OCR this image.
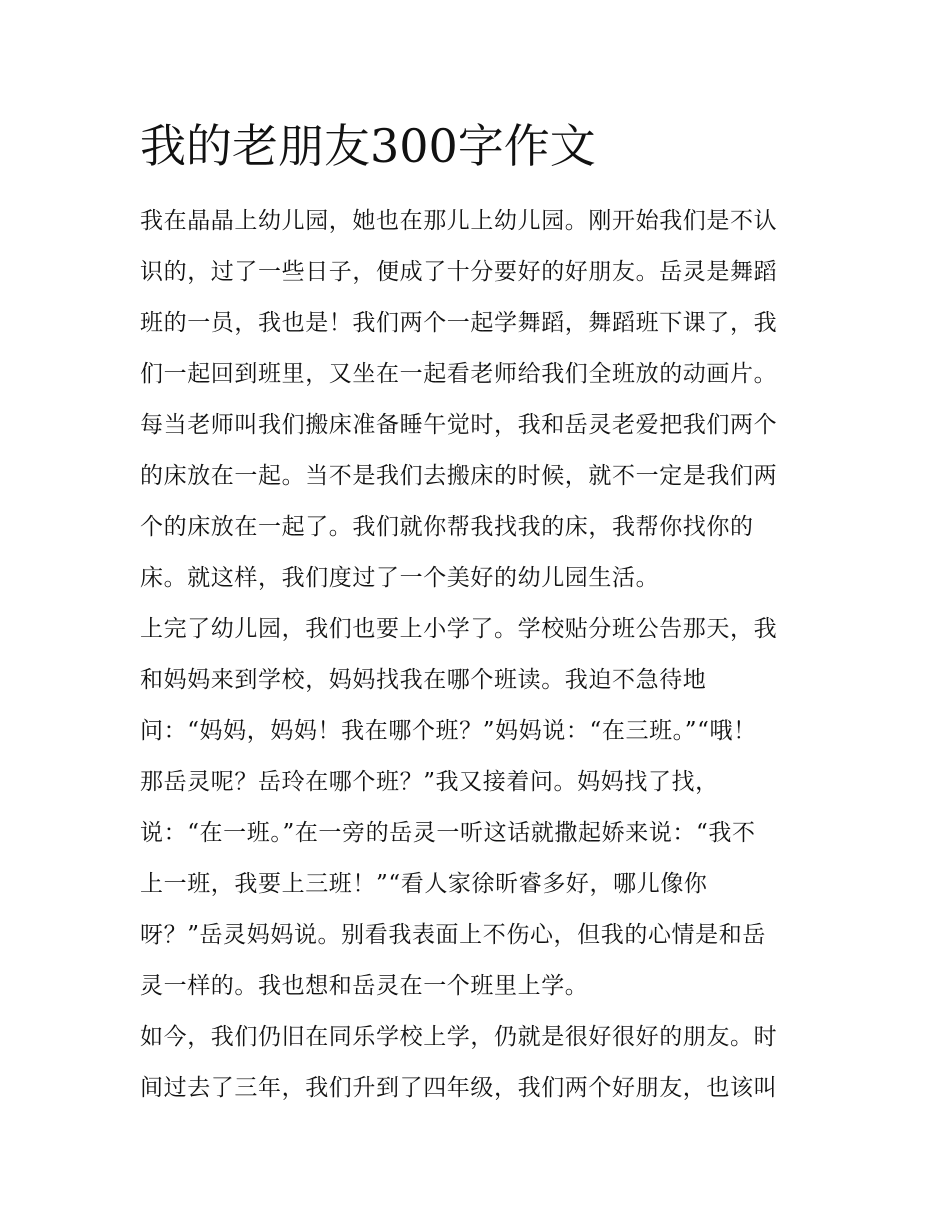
我的老朋友300字作文
我在晶晶上幼儿园，她也在那儿上幼儿园。刚开始我们是不认
识的，过了一些日子，便成了十分要好的好朋友。岳灵是舞蹈
班的一员，我也是！我们两个一起学舞蹈，舞蹈班下课了，我
们一起回到班里，又坐在一起看老师给我们全班放的动画片。
每当老师叫我们搬床准备睡午觉时，我和岳灵老爱把我们两个
的床放在一起。当不是我们去搬床的时候，就不一定是我们两
个的床放在一起了。我们就你帮我找我的床，我帮你找你的
床。就这样，我们度过了一个美好的幼儿园生活。
上完了幼儿园，我们也要上小学了。学校贴分班公告那天，我
和妈妈来到学校，妈妈找我在哪个班读。我迫不急待地
问：“妈妈，妈妈！我在哪个班？”妈妈说：“在三班。”“哦！
那岳灵呢？岳玲在哪个班？”我又接着问。妈妈找了找，
说：“在一班。”在一旁的岳灵一听这话就撒起娇来说：“我不
上一班，我要上三班！”“看人家徐昕睿多好，哪儿像你
呀？”岳灵妈妈说。别看我表面上不伤心，但我的心情是和岳
灵一样的。我也想和岳灵在一个班里上学。
如今，我们仍旧在同乐学校上学，仍就是很好很好的朋友。时
间过去了三年，我们升到了四年级，我们两个好朋友，也该叫
